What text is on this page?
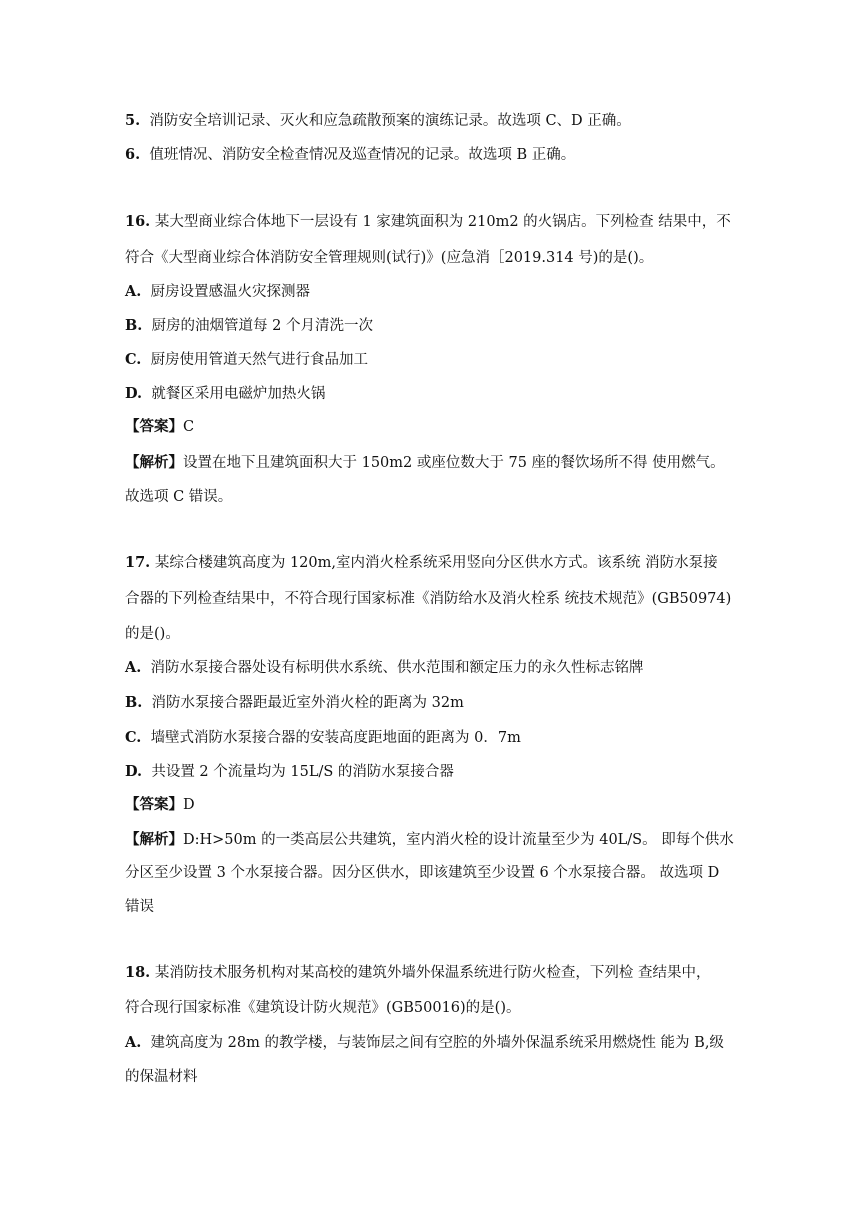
5. 消防安全培训记录、灭火和应急疏散预案的演练记录。故选项 C、D 正确。
6. 值班情况、消防安全检查情况及巡查情况的记录。故选项 B 正确。
16. 某大型商业综合体地下一层设有 1 家建筑面积为 210m2 的火锅店。下列检查 结果中，不
符合《大型商业综合体消防安全管理规则(试行)》(应急消［2019.314 号)的是()。
A. 厨房设置感温火灾探测器
B. 厨房的油烟管道每 2 个月清洗一次
C. 厨房使用管道天然气进行食品加工
D. 就餐区采用电磁炉加热火锅
【答案】C
【解析】设置在地下且建筑面积大于 150m2 或座位数大于 75 座的餐饮场所不得 使用燃气。
故选项 C 错误。
17. 某综合楼建筑高度为 120m,室内消火栓系统采用竖向分区供水方式。该系统 消防水泵接
合器的下列检查结果中，不符合现行国家标准《消防给水及消火栓系 统技术规范》(GB50974)
的是()。
A. 消防水泵接合器处设有标明供水系统、供水范围和额定压力的永久性标志铭牌
B. 消防水泵接合器距最近室外消火栓的距离为 32m
C. 墙壁式消防水泵接合器的安装高度距地面的距离为 0．7m
D. 共设置 2 个流量均为 15L/S 的消防水泵接合器
【答案】D
【解析】D:H>50m 的一类高层公共建筑，室内消火栓的设计流量至少为 40L/S。 即每个供水
分区至少设置 3 个水泵接合器。因分区供水，即该建筑至少设置 6 个水泵接合器。 故选项 D
错误
18. 某消防技术服务机构对某高校的建筑外墙外保温系统进行防火检查，下列检 查结果中，
符合现行国家标准《建筑设计防火规范》(GB50016)的是()。
A. 建筑高度为 28m 的教学楼，与装饰层之间有空腔的外墙外保温系统采用燃烧性 能为 B,级
的保温材料
